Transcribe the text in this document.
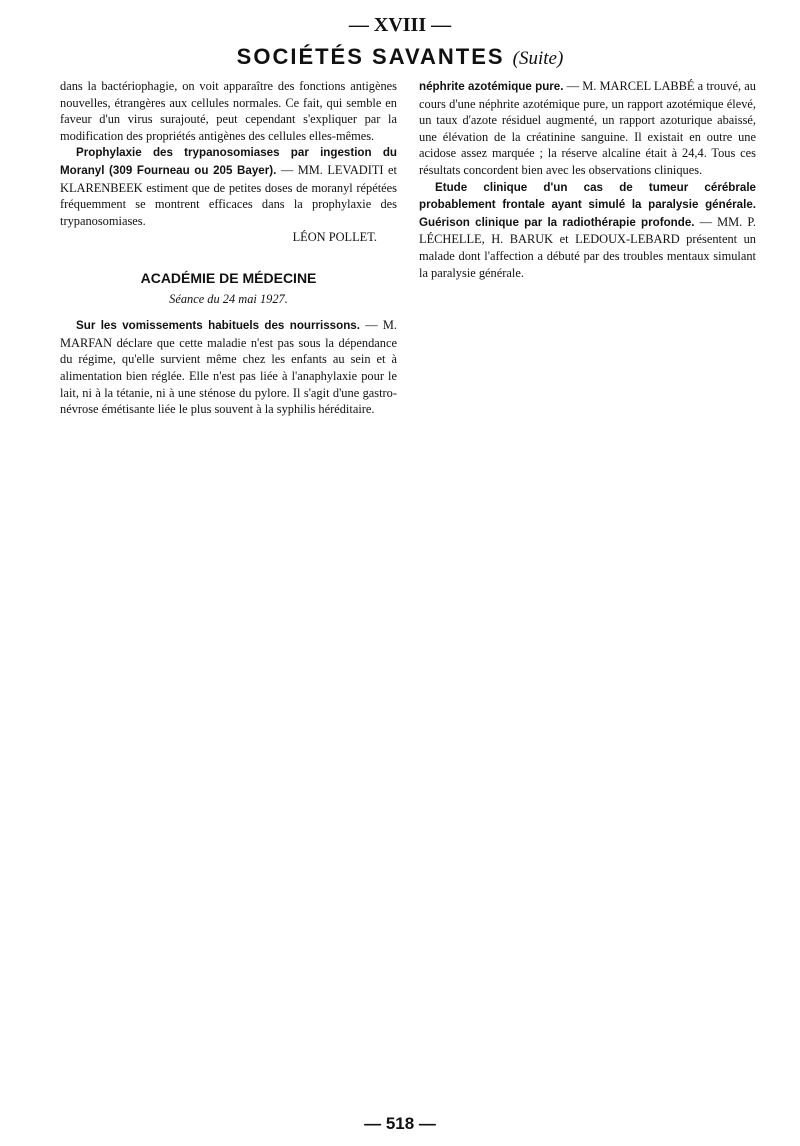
— XVIII —
SOCIÉTÉS SAVANTES (Suite)

dans la bactériophagie, on voit apparaître des fonctions antigènes nouvelles, étrangères aux cellules normales. Ce fait, qui semble en faveur d'un virus surajouté, peut cependant s'expliquer par la modification des propriétés antigènes des cellules elles-mêmes.

Prophylaxie des trypanosomiases par ingestion du Moranyl (309 Fourneau ou 205 Bayer). — MM. LEVADITI et KLARENBEEK estiment que de petites doses de moranyl répétées fréquemment se montrent efficaces dans la prophylaxie des trypanosomiases.

LÉON POLLET.

ACADÉMIE DE MÉDECINE
Séance du 24 mai 1927.

Sur les vomissements habituels des nourrissons. — M. MARFAN déclare que cette maladie n'est pas sous la dépendance du régime, qu'elle survient même chez les enfants au sein et à alimentation bien réglée. Elle n'est pas liée à l'anaphylaxie pour le lait, ni à la tétanie, ni à une sténose du pylore. Il s'agit d'une gastro-névrose émétisante liée le plus souvent à la syphilis héréditaire.

néphrite azotémique pure. — M. MARCEL LABBÉ a trouvé, au cours d'une néphrite azotémique pure, un rapport azotémique élevé, un taux d'azote résiduel augmenté, un rapport azoturique abaissé, une élévation de la créatinine sanguine. Il existait en outre une acidose assez marquée ; la réserve alcaline était à 24,4. Tous ces résultats concordent bien avec les observations cliniques.

Etude clinique d'un cas de tumeur cérébrale probablement frontale ayant simulé la paralysie générale. Guérison clinique par la radiothérapie profonde. — MM. P. LÉCHELLE, H. BARUK et LEDOUX-LEBARD présentent un malade dont l'affection a débuté par des troubles mentaux simulant la paralysie générale.

— 518 —
